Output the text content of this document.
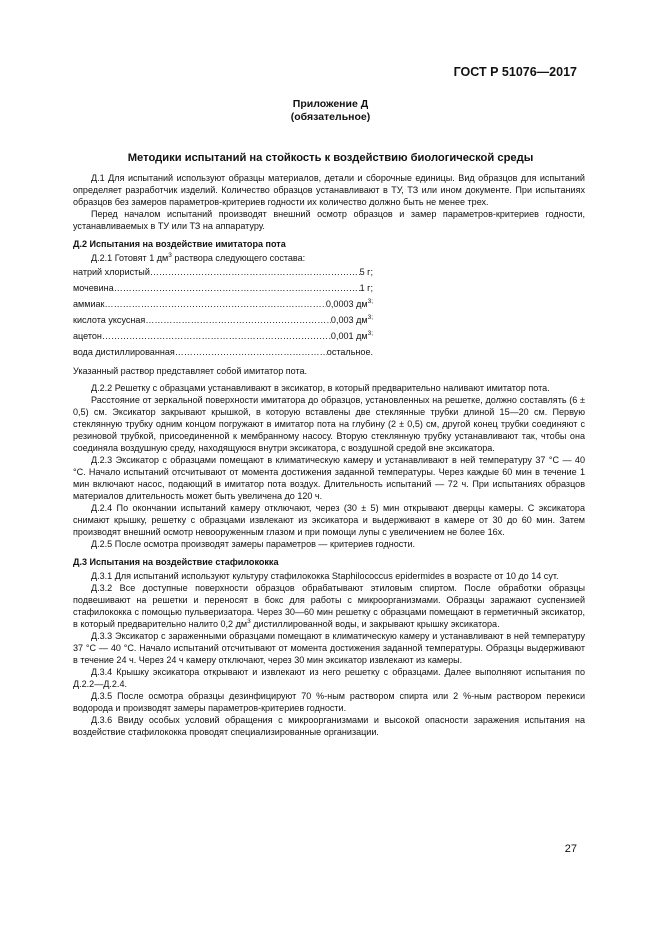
ГОСТ Р 51076—2017
Приложение Д
(обязательное)
Методики испытаний на стойкость к воздействию биологической среды

Д.1 Для испытаний используют образцы материалов, детали и сборочные единицы. Вид образцов для испытаний определяет разработчик изделий. Количество образцов устанавливают в ТУ, ТЗ или ином документе. При испытаниях образцов без замеров параметров-критериев годности их количество должно быть не менее трех.

Перед началом испытаний производят внешний осмотр образцов и замер параметров-критериев годности, устанавливаемых в ТУ или ТЗ на аппаратуру.

Д.2 Испытания на воздействие имитатора пота

Д.2.1 Готовят 1 $дм^3$ раствора следующего состава:

натрий хлористый ……………………………………………………………………………………	5 г;
мочевина ……………………………………………………………………………………	1 г;
аммиак ……………………………………………………………………………………	0,0003 $дм^{3;}$
кислота уксусная ……………………………………………………………………………………	0,003 $дм^{3;}$
ацетон ……………………………………………………………………………………	0,001 $дм^{3;}$
вода дистиллированная ……………………………………………………………………………………	остальное.

Указанный раствор представляет собой имитатор пота.

Д.2.2 Решетку с образцами устанавливают в эксикатор, в который предварительно наливают имитатор пота.

Расстояние от зеркальной поверхности имитатора до образцов, установленных на решетке, должно составлять (6 ± 0,5) см. Эксикатор закрывают крышкой, в которую вставлены две стеклянные трубки длиной 15—20 см. Первую стеклянную трубку одним концом погружают в имитатор пота на глубину (2 ± 0,5) см, другой конец трубки соединяют с резиновой трубкой, присоединенной к мембранному насосу. Вторую стеклянную трубку устанавливают так, чтобы она соединяла воздушную среду, находящуюся внутри эксикатора, с воздушной средой вне эксикатора.

Д.2.3 Эксикатор с образцами помещают в климатическую камеру и устанавливают в ней температуру 37 °С — 40 °С. Начало испытаний отсчитывают от момента достижения заданной температуры. Через каждые 60 мин в течение 1 мин включают насос, подающий в имитатор пота воздух. Длительность испытаний — 72 ч. При испытаниях образцов материалов длительность может быть увеличена до 120 ч.

Д.2.4 По окончании испытаний камеру отключают, через (30 ± 5) мин открывают дверцы камеры. С эксикатора снимают крышку, решетку с образцами извлекают из эксикатора и выдерживают в камере от 30 до 60 мин. Затем производят внешний осмотр невооруженным глазом и при помощи лупы с увеличением не более 16х.

Д.2.5 После осмотра производят замеры параметров — критериев годности.

Д.3 Испытания на воздействие стафилококка

Д.3.1 Для испытаний используют культуру стафилококка Staphilococcus epidermides в возрасте от 10 до 14 сут.

Д.3.2 Все доступные поверхности образцов обрабатывают этиловым спиртом. После обработки образцы подвешивают на решетки и переносят в бокс для работы с микроорганизмами. Образцы заражают суспензией стафилококка с помощью пульверизатора. Через 30—60 мин решетку с образцами помещают в герметичный эксикатор, в который предварительно налито 0,2 $дм^3$ дистиллированной воды, и закрывают крышку эксикатора.

Д.3.3 Эксикатор с зараженными образцами помещают в климатическую камеру и устанавливают в ней температуру 37 °С — 40 °С. Начало испытаний отсчитывают от момента достижения заданной температуры. Образцы выдерживают в течение 24 ч. Через 24 ч камеру отключают, через 30 мин эксикатор извлекают из камеры.

Д.3.4 Крышку эксикатора открывают и извлекают из него решетку с образцами. Далее выполняют испытания по Д.2.2—Д.2.4.

Д.3.5 После осмотра образцы дезинфицируют 70 %-ным раствором спирта или 2 %-ным раствором перекиси водорода и производят замеры параметров-критериев годности.

Д.3.6 Ввиду особых условий обращения с микроорганизмами и высокой опасности заражения испытания на воздействие стафилококка проводят специализированные организации.

27
